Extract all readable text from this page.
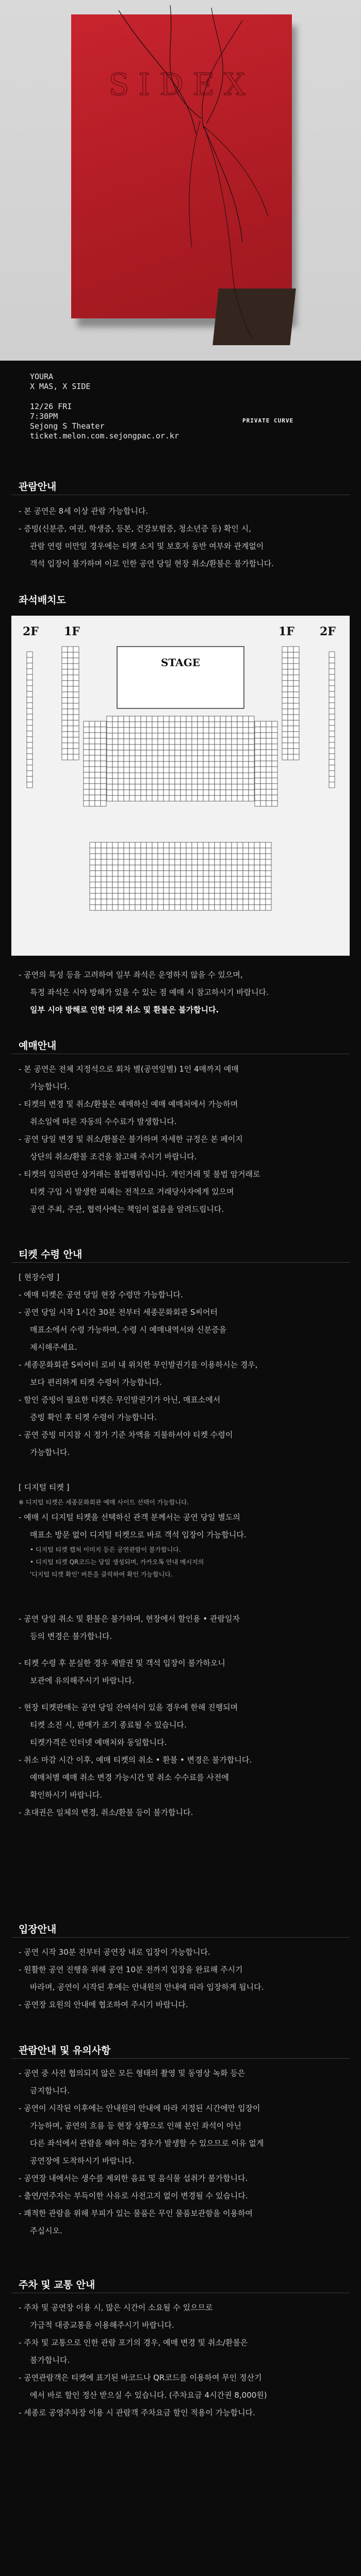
SIDEX
YOURA
X MAS, X SIDE
12/26 FRI
7:30PM
Sejong S Theater
ticket.melon.com.sejongpac.or.kr
PRIVATE CURVE
관람안내
- 본 공연은 8세 이상 관람 가능합니다.
- 증빙(신분증, 여권, 학생증, 등본, 건강보험증, 청소년증 등) 확인 시,
관람 연령 미만일 경우에는 티켓 소지 및 보호자 동반 여부와 관계없이
객석 입장이 불가하며 이로 인한 공연 당일 현장 취소/환불은 불가합니다.
좌석배치도
2F 1F	1F 2F
STAGE
- 공연의 특성 등을 고려하여 일부 좌석은 운영하지 않을 수 있으며,
특정 좌석은 시야 방해가 있을 수 있는 점 예매 시 참고하시기 바랍니다.
일부 시야 방해로 인한 티켓 취소 및 환불은 불가합니다.
예매안내
- 본 공연은 전체 지정석으로 회차 별(공연일별) 1인 4매까지 예매
가능합니다.
- 티켓의 변경 및 취소/환불은 예매하신 예매 예매처에서 가능하며
취소일에 따른 자동의 수수료가 발생합니다.
- 공연 당일 변경 및 취소/환불은 불가하며 자세한 규정은 본 페이지
상단의 취소/환불 조건을 참고해 주시기 바랍니다.
- 티켓의 임의판단 상거래는 불법행위입니다. 개인거래 및 불법 암거래로
티켓 구입 시 발생한 피해는 전적으로 거래당사자에게 있으며
공연 주최, 주관, 협력사에는 책임이 없음을 알려드립니다.
티켓 수령 안내
[ 현장수령 ]
- 예매 티켓은 공연 당일 현장 수령만 가능합니다.
- 공연 당일 시작 1시간 30분 전부터 세종문화회관 S씨어터
매표소에서 수령 가능하며, 수령 시 예매내역서와 신분증을
제시해주세요.
- 세종문화회관 S씨어터 로비 내 위치한 무인발권기를 이용하시는 경우,
보다 편리하게 티켓 수령이 가능합니다.
- 할인 증빙이 필요한 티켓은 무인발권기가 아닌, 매표소에서
증빙 확인 후 티켓 수령이 가능합니다.
- 공연 증빙 미지참 시 정가 기준 차액을 지불하셔야 티켓 수령이
가능합니다.
[ 디지털 티켓 ]
※ 디지털 티켓은 세종문화회관 예매 사이트 선택이 가능합니다.
- 예매 시 디지털 티켓을 선택하신 관객 분께서는 공연 당일 별도의
매표소 방문 없이 디지털 티켓으로 바로 객석 입장이 가능합니다.
• 디지털 티켓 캡처 이미지 등은 공연관람이 불가합니다.
• 디지털 티켓 QR코드는 당일 생성되며, 카카오톡 안내 메시지의
'디지털 티켓 확인' 버튼을 클릭하여 확인 가능합니다.
- 공연 당일 취소 및 환불은 불가하며, 현장에서 할인용 • 관람일자
등의 변경은 불가합니다.
- 티켓 수령 후 분실한 경우 재발권 및 객석 입장이 불가하오니
보관에 유의해주시기 바랍니다.
- 현장 티켓판매는 공연 당일 잔여석이 있을 경우에 한해 진행되며
티켓 소진 시, 판매가 조기 종료될 수 있습니다.
티켓가격은 인터넷 예매처와 동일합니다.
- 취소 마감 시간 이후, 예매 티켓의 취소 • 환불 • 변경은 불가합니다.
예매처별 예매 취소 변경 가능시간 및 취소 수수료를 사전에
확인하시기 바랍니다.
- 초대권은 일체의 변경, 취소/환불 등이 불가합니다.
입장안내
- 공연 시작 30분 전부터 공연장 내로 입장이 가능합니다.
- 원활한 공연 진행을 위해 공연 10분 전까지 입장을 완료해 주시기
바라며, 공연이 시작된 후에는 안내원의 안내에 따라 입장하게 됩니다.
- 공연장 요원의 안내에 협조하여 주시기 바랍니다.
관람안내 및 유의사항
- 공연 중 사전 협의되지 않은 모든 형태의 촬영 및 동영상 녹화 등은
금지합니다.
- 공연이 시작된 이후에는 안내원의 안내에 따라 지정된 시간에만 입장이
가능하며, 공연의 흐름 등 현장 상황으로 인해 본인 좌석이 아닌
다른 좌석에서 관람을 해야 하는 경우가 발생할 수 있으므로 이유 없게
공연장에 도착하시기 바랍니다.
- 공연장 내에서는 생수를 제외한 음료 및 음식물 섭취가 불가합니다.
- 출연/연주자는 부득이한 사유로 사전고지 없이 변경될 수 있습니다.
- 쾌적한 관람을 위해 부피가 있는 물품은 무인 물품보관함을 이용하여
주십시오.
주차 및 교통 안내
- 주차 및 공연장 이용 시, 많은 시간이 소요될 수 있으므로
가급적 대중교통을 이용해주시기 바랍니다.
- 주차 및 교통으로 인한 관람 포기의 경우, 예매 변경 및 취소/환불은
불가합니다.
- 공연관람객은 티켓에 표기된 바코드나 QR코드를 이용하여 무인 정산기
에서 바로 할인 정산 받으실 수 있습니다. (주차요금 4시간권 8,000원)
- 세종로 공영주차장 이용 시 관람객 주차요금 할인 적용이 가능합니다.
